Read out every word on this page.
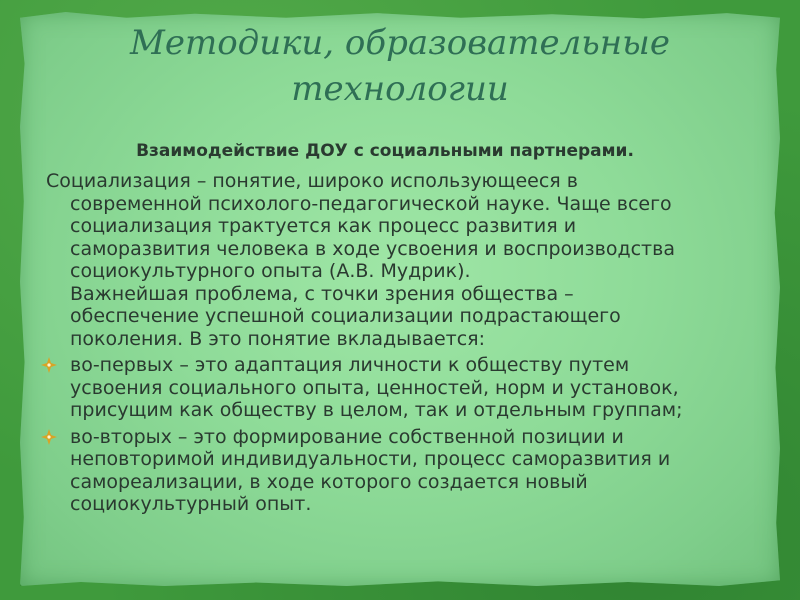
Методики, образовательные
технологии
Взаимодействие ДОУ с социальными партнерами.
Социализация – понятие, широко использующееся в
современной психолого-педагогической науке. Чаще всего
социализация трактуется как процесс развития и
саморазвития человека в ходе усвоения и воспроизводства
социокультурного опыта (А.В. Мудрик).
Важнейшая проблема, с точки зрения общества –
обеспечение успешной социализации подрастающего
поколения. В это понятие вкладывается:
во-первых – это адаптация личности к обществу путем
усвоения социального опыта, ценностей, норм и установок,
присущим как обществу в целом, так и отдельным группам;
во-вторых – это формирование собственной позиции и
неповторимой индивидуальности, процесс саморазвития и
самореализации, в ходе которого создается новый
социокультурный опыт.
